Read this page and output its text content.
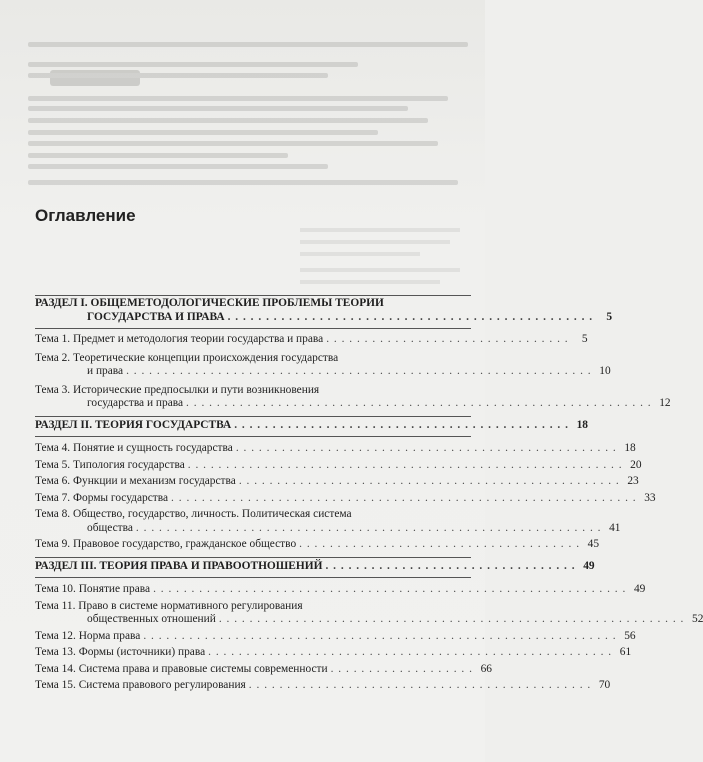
Оглавление
РАЗДЕЛ I. ОБЩЕМЕТОДОЛОГИЧЕСКИЕ ПРОБЛЕМЫ ТЕОРИИ
ГОСУДАРСТВА И ПРАВА . . . . . . . . . . . . . . . . . . . . . . . . . . . . . . . . . . . . . . . . . . . . . . . .	5
Тема 1. Предмет и методология теории государства и права . . . . . . . . . . . . . . . . . . . . . . . . . . . . . . . .	5
Тема 2. Теоретические концепции происхождения государства
и права . . . . . . . . . . . . . . . . . . . . . . . . . . . . . . . . . . . . . . . . . . . . . . . . . . . . . . . . . . . . . 10
Тема 3. Исторические предпосылки и пути возникновения
государства и права . . . . . . . . . . . . . . . . . . . . . . . . . . . . . . . . . . . . . . . . . . . . . . . . . . . . . . . . . . . . . 12
РАЗДЕЛ II. ТЕОРИЯ ГОСУДАРСТВА . . . . . . . . . . . . . . . . . . . . . . . . . . . . . . . . . . . . . . . . . . . . 18
Тема 4. Понятие и сущность государства . . . . . . . . . . . . . . . . . . . . . . . . . . . . . . . . . . . . . . . . . . . . . . . . . . 18
Тема 5. Типология государства . . . . . . . . . . . . . . . . . . . . . . . . . . . . . . . . . . . . . . . . . . . . . . . . . . . . . . . . . 20
Тема 6. Функции и механизм государства . . . . . . . . . . . . . . . . . . . . . . . . . . . . . . . . . . . . . . . . . . . . . . . . . . 23
Тема 7. Формы государства . . . . . . . . . . . . . . . . . . . . . . . . . . . . . . . . . . . . . . . . . . . . . . . . . . . . . . . . . . . . . 33
Тема 8. Общество, государство, личность. Политическая система
общества . . . . . . . . . . . . . . . . . . . . . . . . . . . . . . . . . . . . . . . . . . . . . . . . . . . . . . . . . . . . . 41
Тема 9. Правовое государство, гражданское общество . . . . . . . . . . . . . . . . . . . . . . . . . . . . . . . . . . . . . 45
РАЗДЕЛ III. ТЕОРИЯ ПРАВА И ПРАВООТНОШЕНИЙ . . . . . . . . . . . . . . . . . . . . . . . . . . . . . . . . . 49
Тема 10. Понятие права . . . . . . . . . . . . . . . . . . . . . . . . . . . . . . . . . . . . . . . . . . . . . . . . . . . . . . . . . . . . . . 49
Тема 11. Право в системе нормативного регулирования
общественных отношений . . . . . . . . . . . . . . . . . . . . . . . . . . . . . . . . . . . . . . . . . . . . . . . . . . . . . . . . . . . . . 52
Тема 12. Норма права . . . . . . . . . . . . . . . . . . . . . . . . . . . . . . . . . . . . . . . . . . . . . . . . . . . . . . . . . . . . . . 56
Тема 13. Формы (источники) права . . . . . . . . . . . . . . . . . . . . . . . . . . . . . . . . . . . . . . . . . . . . . . . . . . . . . 61
Тема 14. Система права и правовые системы современности . . . . . . . . . . . . . . . . . . . 66
Тема 15. Система правового регулирования . . . . . . . . . . . . . . . . . . . . . . . . . . . . . . . . . . . . . . . . . . . . . 70
